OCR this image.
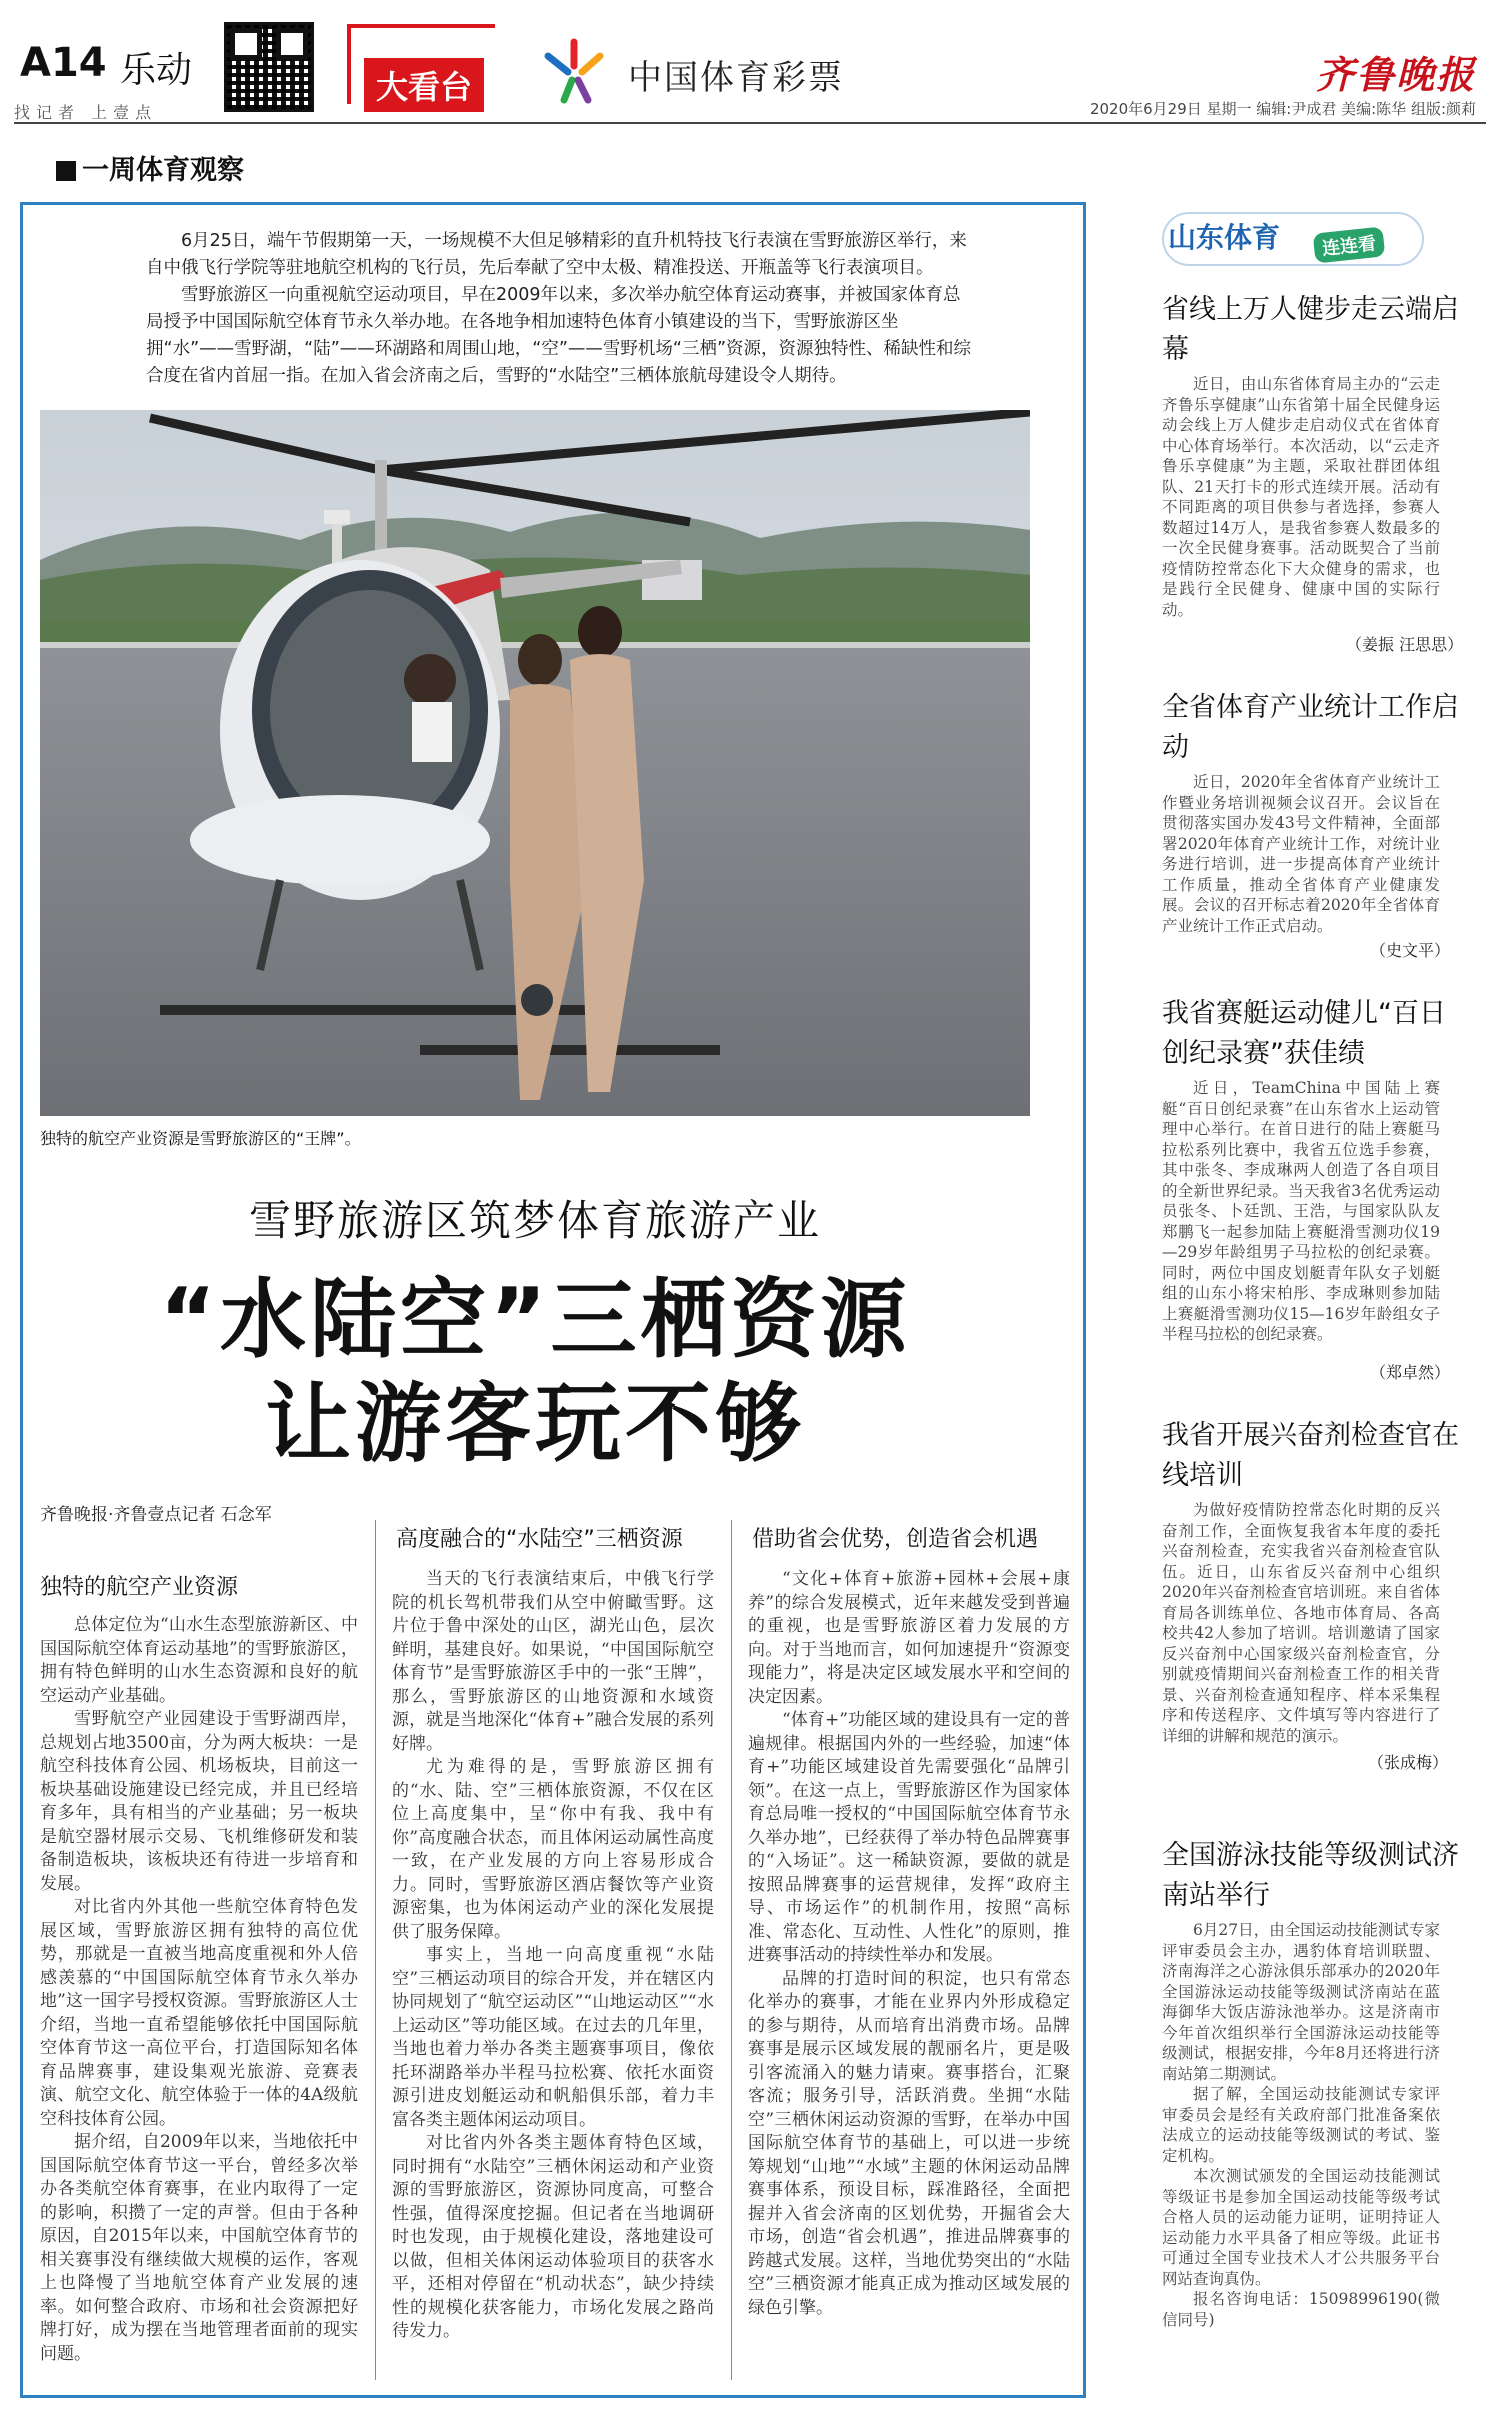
A14 乐动
找记者 上壹点
大看台	中国体育彩票	齐鲁晚报
2020年6月29日 星期一 编辑:尹成君 美编:陈华 组版:颜莉
一周体育观察

6月25日，端午节假期第一天，一场规模不大但足够精彩的直升机特技飞行表演在雪野旅游区举行，来自中俄飞行学院等驻地航空机构的飞行员，先后奉献了空中太极、精准投送、开瓶盖等飞行表演项目。

雪野旅游区一向重视航空运动项目，早在2009年以来，多次举办航空体育运动赛事，并被国家体育总局授予中国国际航空体育节永久举办地。在各地争相加速特色体育小镇建设的当下，雪野旅游区坐拥“水”——雪野湖，“陆”——环湖路和周围山地，“空”——雪野机场“三栖”资源，资源独特性、稀缺性和综合度在省内首屈一指。在加入省会济南之后，雪野的“水陆空”三栖体旅航母建设令人期待。

独特的航空产业资源是雪野旅游区的“王牌”。
雪野旅游区筑梦体育旅游产业
“水陆空”三栖资源
让游客玩不够
齐鲁晚报·齐鲁壹点记者 石念军
独特的航空产业资源

总体定位为“山水生态型旅游新区、中国国际航空体育运动基地”的雪野旅游区，拥有特色鲜明的山水生态资源和良好的航空运动产业基础。

雪野航空产业园建设于雪野湖西岸，总规划占地3500亩，分为两大板块：一是航空科技体育公园、机场板块，目前这一板块基础设施建设已经完成，并且已经培育多年，具有相当的产业基础；另一板块是航空器材展示交易、飞机维修研发和装备制造板块，该板块还有待进一步培育和发展。

对比省内外其他一些航空体育特色发展区域，雪野旅游区拥有独特的高位优势，那就是一直被当地高度重视和外人倍感羡慕的“中国国际航空体育节永久举办地”这一国字号授权资源。雪野旅游区人士介绍，当地一直希望能够依托中国国际航空体育节这一高位平台，打造国际知名体育品牌赛事，建设集观光旅游、竞赛表演、航空文化、航空体验于一体的4A级航空科技体育公园。

据介绍，自2009年以来，当地依托中国国际航空体育节这一平台，曾经多次举办各类航空体育赛事，在业内取得了一定的影响，积攒了一定的声誉。但由于各种原因，自2015年以来，中国航空体育节的相关赛事没有继续做大规模的运作，客观上也降慢了当地航空体育产业发展的速率。如何整合政府、市场和社会资源把好牌打好，成为摆在当地管理者面前的现实问题。

高度融合的“水陆空”三栖资源

当天的飞行表演结束后，中俄飞行学院的机长驾机带我们从空中俯瞰雪野。这片位于鲁中深处的山区，湖光山色，层次鲜明，基建良好。如果说，“中国国际航空体育节”是雪野旅游区手中的一张“王牌”，那么，雪野旅游区的山地资源和水域资源，就是当地深化“体育+”融合发展的系列好牌。

尤为难得的是，雪野旅游区拥有的“水、陆、空”三栖体旅资源，不仅在区位上高度集中，呈“你中有我、我中有你”高度融合状态，而且体闲运动属性高度一致，在产业发展的方向上容易形成合力。同时，雪野旅游区酒店餐饮等产业资源密集，也为体闲运动产业的深化发展提供了服务保障。

事实上，当地一向高度重视“水陆空”三栖运动项目的综合开发，并在辖区内协同规划了“航空运动区”“山地运动区”“水上运动区”等功能区域。在过去的几年里，当地也着力举办各类主题赛事项目，像依托环湖路举办半程马拉松赛、依托水面资源引进皮划艇运动和帆船俱乐部，着力丰富各类主题体闲运动项目。

对比省内外各类主题体育特色区域，同时拥有“水陆空”三栖休闲运动和产业资源的雪野旅游区，资源协同度高，可整合性强，值得深度挖掘。但记者在当地调研时也发现，由于规模化建设，落地建设可以做，但相关体闲运动体验项目的获客水平，还相对停留在“机动状态”，缺少持续性的规模化获客能力，市场化发展之路尚待发力。

借助省会优势，创造省会机遇

“文化+体育+旅游+园林+会展+康养”的综合发展模式，近年来越发受到普遍的重视，也是雪野旅游区着力发展的方向。对于当地而言，如何加速提升“资源变现能力”，将是决定区域发展水平和空间的决定因素。

“体育+”功能区域的建设具有一定的普遍规律。根据国内外的一些经验，加速“体育+”功能区域建设首先需要强化“品牌引领”。在这一点上，雪野旅游区作为国家体育总局唯一授权的“中国国际航空体育节永久举办地”，已经获得了举办特色品牌赛事的“入场证”。这一稀缺资源，要做的就是按照品牌赛事的运营规律，发挥“政府主导、市场运作”的机制作用，按照“高标准、常态化、互动性、人性化”的原则，推进赛事活动的持续性举办和发展。

品牌的打造时间的积淀，也只有常态化举办的赛事，才能在业界内外形成稳定的参与期待，从而培育出消费市场。品牌赛事是展示区域发展的靓丽名片，更是吸引客流涌入的魅力请柬。赛事搭台，汇聚客流；服务引导，活跃消费。坐拥“水陆空”三栖休闲运动资源的雪野，在举办中国国际航空体育节的基础上，可以进一步统筹规划“山地”“水域”主题的休闲运动品牌赛事体系，预设目标，踩准路径，全面把握并入省会济南的区划优势，开掘省会大市场，创造“省会机遇”，推进品牌赛事的跨越式发展。这样，当地优势突出的“水陆空”三栖资源才能真正成为推动区域发展的绿色引擎。

山东体育	连连看
省线上万人健步走云端启幕

近日，由山东省体育局主办的“云走齐鲁乐享健康”山东省第十届全民健身运动会线上万人健步走启动仪式在省体育中心体育场举行。本次活动，以“云走齐鲁乐享健康”为主题，采取社群团体组队、21天打卡的形式连续开展。活动有不同距离的项目供参与者选择，参赛人数超过14万人，是我省参赛人数最多的一次全民健身赛事。活动既契合了当前疫情防控常态化下大众健身的需求，也是践行全民健身、健康中国的实际行动。

（姜振 汪思思）
全省体育产业统计工作启动

近日，2020年全省体育产业统计工作暨业务培训视频会议召开。会议旨在贯彻落实国办发43号文件精神，全面部署2020年体育产业统计工作，对统计业务进行培训，进一步提高体育产业统计工作质量，推动全省体育产业健康发展。会议的召开标志着2020年全省体育产业统计工作正式启动。

（史文平）
我省赛艇运动健儿“百日创纪录赛”获佳绩

近日，TeamChina中国陆上赛艇“百日创纪录赛”在山东省水上运动管理中心举行。在首日进行的陆上赛艇马拉松系列比赛中，我省五位选手参赛，其中张冬、李成琳两人创造了各自项目的全新世界纪录。当天我省3名优秀运动员张冬、卜廷凯、王浩，与国家队队友郑鹏飞一起参加陆上赛艇滑雪测功仪19—29岁年龄组男子马拉松的创纪录赛。同时，两位中国皮划艇青年队女子划艇组的山东小将宋柏彤、李成琳则参加陆上赛艇滑雪测功仪15—16岁年龄组女子半程马拉松的创纪录赛。

（郑卓然）
我省开展兴奋剂检查官在线培训

为做好疫情防控常态化时期的反兴奋剂工作，全面恢复我省本年度的委托兴奋剂检查，充实我省兴奋剂检查官队伍。近日，山东省反兴奋剂中心组织2020年兴奋剂检查官培训班。来自省体育局各训练单位、各地市体育局、各高校共42人参加了培训。培训邀请了国家反兴奋剂中心国家级兴奋剂检查官，分别就疫情期间兴奋剂检查工作的相关背景、兴奋剂检查通知程序、样本采集程序和传送程序、文件填写等内容进行了详细的讲解和规范的演示。

（张成梅）
全国游泳技能等级测试济南站举行

6月27日，由全国运动技能测试专家评审委员会主办，遇豹体育培训联盟、济南海洋之心游泳俱乐部承办的2020年全国游泳运动技能等级测试济南站在蓝海御华大饭店游泳池举办。这是济南市今年首次组织举行全国游泳运动技能等级测试，根据安排，今年8月还将进行济南站第二期测试。

据了解，全国运动技能测试专家评审委员会是经有关政府部门批准备案依法成立的运动技能等级测试的考试、鉴定机构。

本次测试颁发的全国运动技能测试等级证书是参加全国运动技能等级考试合格人员的运动能力证明，证明持证人运动能力水平具备了相应等级。此证书可通过全国专业技术人才公共服务平台网站查询真伪。

报名咨询电话：15098996190(微信同号)
